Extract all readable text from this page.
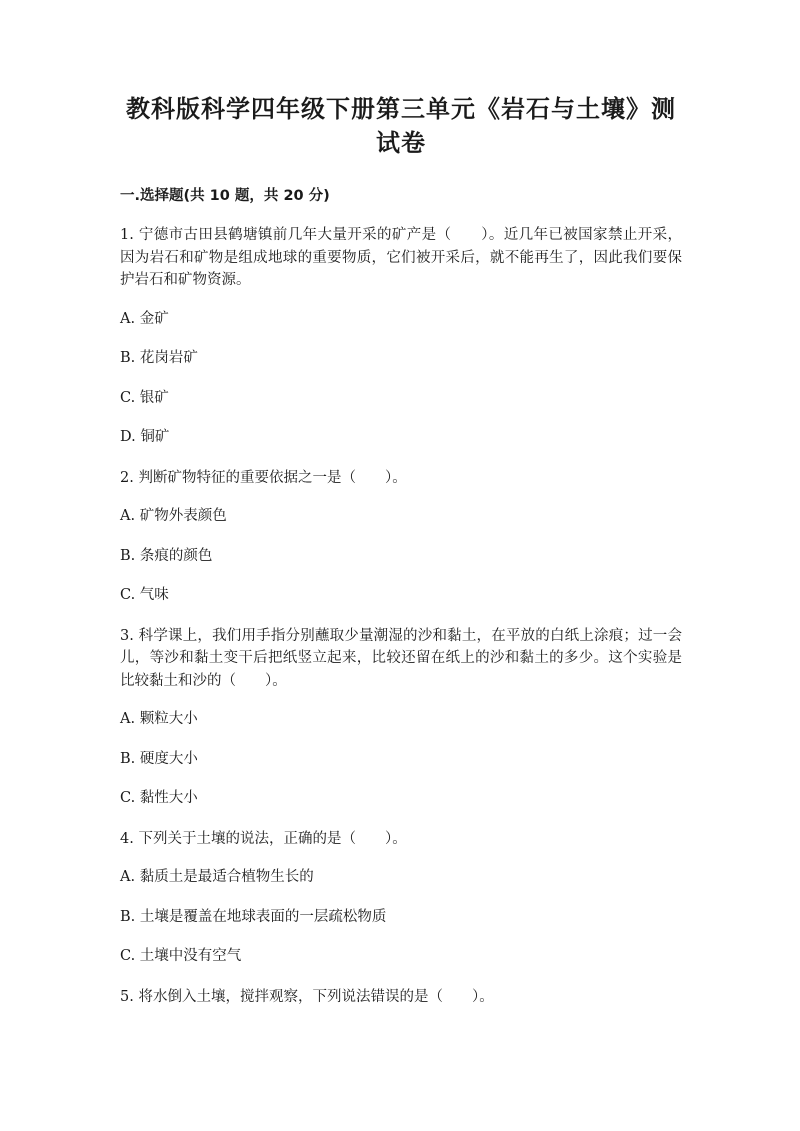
教科版科学四年级下册第三单元《岩石与土壤》测
试卷
一.选择题(共 10 题，共 20 分)
1. 宁德市古田县鹤塘镇前几年大量开采的矿产是（　　）。近几年已被国家禁止开采，因为岩石和矿物是组成地球的重要物质，它们被开采后，就不能再生了，因此我们要保护岩石和矿物资源。
A. 金矿
B. 花岗岩矿
C. 银矿
D. 铜矿
2. 判断矿物特征的重要依据之一是（　　）。
A. 矿物外表颜色
B. 条痕的颜色
C. 气味
3. 科学课上，我们用手指分别蘸取少量潮湿的沙和黏土，在平放的白纸上涂痕；过一会儿，等沙和黏土变干后把纸竖立起来，比较还留在纸上的沙和黏土的多少。这个实验是比较黏土和沙的（　　）。
A. 颗粒大小
B. 硬度大小
C. 黏性大小
4. 下列关于土壤的说法，正确的是（　　）。
A. 黏质土是最适合植物生长的
B. 土壤是覆盖在地球表面的一层疏松物质
C. 土壤中没有空气
5. 将水倒入土壤，搅拌观察，下列说法错误的是（　　）。
